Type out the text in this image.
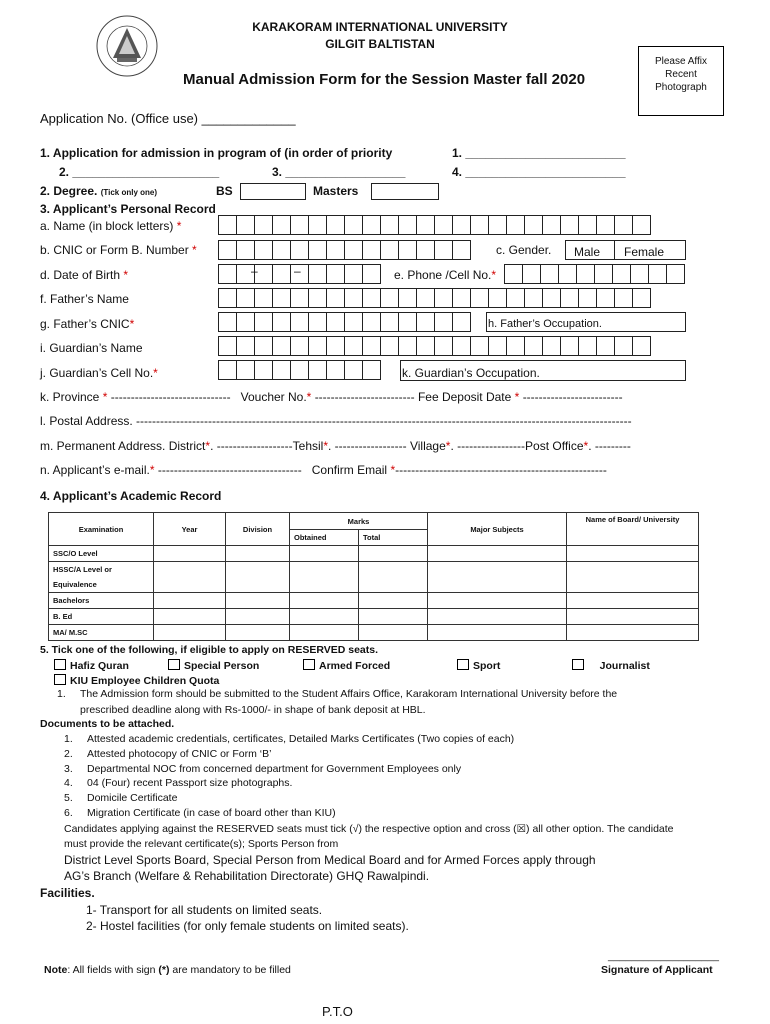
KARAKORAM INTERNATIONAL UNIVERSITY
GILGIT BALTISTAN
Manual Admission Form for the Session Master fall 2020
Please Affix
Recent
Photograph
Application No. (Office use) _____________
1. Application for admission in program of (in order of priority	1. ________________________
2. ______________________	3. __________________	4. ________________________
2. Degree. (Tick only one)	BS	Masters
3. Applicant’s Personal Record
a. Name (in block letters) *
b. CNIC or Form B. Number *	c. Gender. Male Female
d. Date of Birth *	–	–	e. Phone /Cell No.*
f. Father’s Name
g. Father’s CNIC*	h. Father’s Occupation.
i. Guardian’s Name
j. Guardian’s Cell No.*	k. Guardian’s Occupation.
k. Province * ------------------------------ Voucher No.* ------------------------- Fee Deposit Date * -------------------------
l. Postal Address. ----------------------------------------------------------------------------------------------------------------------------
m. Permanent Address. District*. -------------------Tehsil*. ------------------ Village*. -----------------Post Office*. ---------
n. Applicant’s e-mail.* ------------------------------------ Confirm Email *-----------------------------------------------------
4. Applicant’s Academic Record
Examination	Year	Division	Marks		Major Subjects	Name of Board/ University
			Obtained	Total		
SSC/O Level						
HSSC/A Level or
Equivalence						
Bachelors						
B. Ed						
MA/ M.SC						
5. Tick one of the following, if eligible to apply on RESERVED seats.
Hafiz Quran	Special Person	Armed Forced	Sport	Journalist
KIU Employee Children Quota
1. The Admission form should be submitted to the Student Affairs Office, Karakoram International University before the
prescribed deadline along with Rs-1000/- in shape of bank deposit at HBL.
Documents to be attached.
1. Attested academic credentials, certificates, Detailed Marks Certificates (Two copies of each)
2. Attested photocopy of CNIC or Form ‘B’
3. Departmental NOC from concerned department for Government Employees only
4. 04 (Four) recent Passport size photographs.
5. Domicile Certificate
6. Migration Certificate (in case of board other than KIU)
Candidates applying against the RESERVED seats must tick (√) the respective option and cross (☒) all other option. The candidate
must provide the relevant certificate(s); Sports Person from
District Level Sports Board, Special Person from Medical Board and for Armed Forces apply through
AG’s Branch (Welfare & Rehabilitation Directorate) GHQ Rawalpindi.
Facilities.
1- Transport for all students on limited seats.
2- Hostel facilities (for only female students on limited seats).
Note: All fields with sign (*) are mandatory to be filled
___________________
Signature of Applicant
P.T.O
